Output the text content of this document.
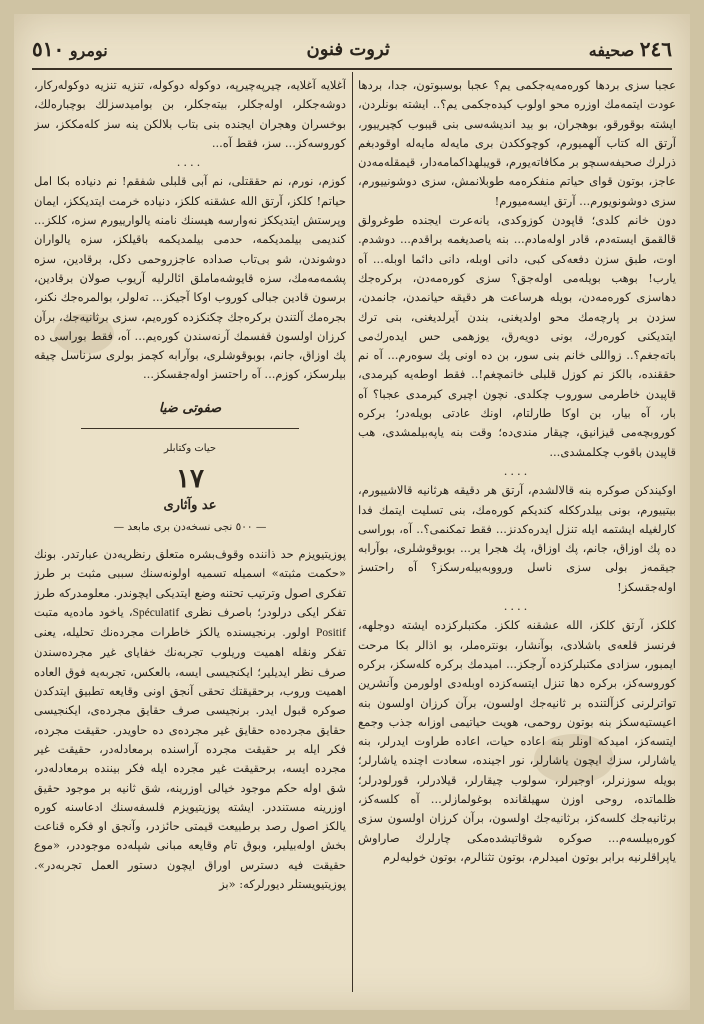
٢٤٦ صحيفه
ثروت فنون
نومرو ٥١٠

عجبا سزى بردها كورەمەيەجكمى يم؟ عجبا بوسبوتون، جدا، بردها عودت ايتمەمك اوزره محو اولوب كيدەجكمى يم؟.. ايشته بونلردن، ايشته بوقورقو، بوهجران، بو بيد انديشەسى بنى قيبوب كچيرييور، آرتق اله كتاب آلهميورم، كوچوككدن برى مايەله مايەله اوقودبغم ذرلرك صحيفەسىچو بر مكافاتەيورم، قويبلهداكمامەدار، قيمقلەمەدن عاجز، بوتون قواى حياتم منفكرەمه طوبلانمش، سزى دوشونييورم، سزى دوشونويورم... آرتق ايسەميورم!

دون خانم كلدى؛ قاپودن كوزوكدى، يانه‌عرت ايجنده طوغرولق قالقمق ايستەدم، قادر اولەمادم... بنه ياصديغمه براقدم... دوشدم. اوت، طبق سزن دفعەكى كبى، دانى اوبله، دانى دائما اوبله... آه يارب! بوهب بويلەمى اولەجق؟ سزى كورەمەدن، بركره‌جك دهاسزى كورەمەدن، بويله هرساعت هر دقيقه حيانمدن، جانمدن، سزدن بر پارچەمك محو اولديغنى، بندن آيرلديغنى، بنى ترك ايتديكنى كورەرك، بونى دويەرق، يوزهمى حس ايدەرك‌مى باتەجغم؟.. زواللى خانم بنى سور، بن ده اونى پك سوەرم... آه نم حققنده، بالكز نم كوزل قلبلى خانمچغم!.. فقط اوطەيه كيرمدى، قاپيدن خاطرمى سوروب چكلدى. نچون اچيرى كيرمدى عجبا؟ آه بار، آه بيار، بن اوكا طارلتام، اونك عادتى بويلەدر؛ بركره كوروبچەمى قيزانيق، چيقار مندى‌ده؛ وقت بنه ياپەبيلمشدى، هب قاپيدن باقوب چكلمشدى...

....

اوكيندكن صوكره بنه قالالشدم، آرتق هر دقيقه هرثانيه قالاشييورم، بيتييورم، بونى بيلدرككله كنديكم كورەمك، بنى تسليت ايتمك فدا كارلغيله ايشتمه ايله تنزل ايدرەكدنز... فقط تمكنمى؟.. آه، بوراسى ده پك اوزاق، جانم، پك اوزاق، پك هجرا ير... بوبوقوشلرى، بوآرابه جيقمەز بولى سزى ناسل ورووبەبيلەرسكز؟ آه راحتسز اولەجقسكز!

....

كلكز، آرتق كلكز، الله عشقنه كلكز. مكتبلركزده ايشته دوجلهه، فرنسز قلعه‌ى باشلادى، بوآنشار، بونترەملر، بو اذالر بكا مرحت ايمبور، سزادى مكتبلركزده آرجكز... اميدمك بركره كلەسكز، بركره كوروسەكز، بركره دها تنزل ايتسەكزدە اوبلەدى اولورمن وآنشرين تواترلرنى كزآلتنده بر ثانيه‌جك اولسون، برآن كرزان اولسون بنه اعيستيه‌سكز بنه بوتون روحمى، هويت حياتيمى اوزاىه جذب وجمع ايتسەكز، اميدكه اونلر بنه اعاده حيات، اعاده طراوت ايدرلر، بنه ياشارلر، سزك ايچون ياشارلر، نور اجيندە، سعادت اچنده ياشارلر؛ بويله سوزنرلر، اوجيرلر، سولوب چيقارلر، قيلادرلر، قورلودرلر؛ ظلماتده، روحى اوزن سهيلقانده بوغولمازلر... آه كلسەكز، برثانيه‌جك كلسەكز، برثانيه‌جك اولسون، برآن كرزان اولسون سزى كورەبيلسەم... صوكره شوقاتيشده‌مكى چارلرك صاراوش ياپراقلرنيه برابر بوتون اميدلرم، بوتون تثنالرم، بوتون خوليەلرم

آغلايه آغلايه، چيرپه‌چيرپه، دوكوله دوكوله، تنزيه تنزيه دوكوله‌ركار، دوشەجكلر، اولەجكلر، بيتەجكلر، بن بوامیدسزلك بوچباره‌لك، بوخسران وهجران ايجنده بنى بتاب بلالكن ينه سز كلەمككز، سز كوروسەكز... سز، فقط آه...

....

كوزم، نورم، نم حققتلى، نم آبى قلبلى شفقم! نم دنياده بكا امل حياتم! كلكز، آرتق الله عشقنه كلكز، دنياده خرمت ايتديككز، ايمان وپرستش ايتديككز نه‌وارسه هيسنك نامنه يالوارييورم سزه، كلكز... كنديمى بيلمديكمه، حدمى بيلمديكمه باقيلكز، سزه يالواران دوشوندن، شو بى‌تاب صداده عاجزروحمى دكل، برقادين، سزه پشمەمەمك، سزه قايوشەماملق ائالرليه آريوب صولان برقادين، برسون قادين جبالى كوروب اوكا آجيكز... تەلولر، بوالمرەجك نكنر، بجرەمك آلتندن بركره‌جك چكنكزده كورەيم، سزى برثانيه‌جك، برآن كرزان اولسون قفسمك آرنەسندن كورەيم... آه، فقط بوراسى ده پك اوزاق، جانم، بوبوقوشلرى، بوآرابه كچمز بولرى سزناسل چيقه بيلرسكز، كوزم... آه راحتسز اولەجقسكز...

صفوتى ضيا
حيات وكتابلر
١٧
عد وآثارى
— ٥٠٠ نجى نسخه‌دن برى مابعد —

پوزيتيويزم حد ذاننده وقوف‌بشره متعلق رنظريه‌دن عبارتدر. بونك «حكمت مثبته» اسميله تسميه اولونەسنك سببى مثبت بر طرز تفكرى اصول وترتيب تحتنه وضع ايتديكى ايچوندر. معلومدركه طرز تفكر ايكى درلودر؛ باصرف نظرى Spéculatif، ياخود مادە‌يه متبت Positif اولور. برنجيسنده يالكز خاطرات مجرده‌نك تحليله، يعنى تفكر ونقله اهميت وريلوب تجربه‌نك خفاياى غير مجرده‌سندن صرف نظر ايديلير؛ ايكنجيسى ايسه، بالعكس، تجربه‌يه فوق العاده اهميت وروب، برحقيقتك تحقى آنجق اونى وقايعه تطبيق ايتدكدن صوكره قبول ايدر. برنجيسى صرف حقايق مجرده‌ى، ايكنجيسى حقايق مجرده‌ده حقايق غير مجرده‌ى ده حاويدر. حقيقت مجرده، فكر ايله بر حقيقت مجرده آراسنده برمعادلەدر، حقيقت غير مجرده ايسه، برحقيقت غير مجرده ايله فكر بيننده برمعادلەدر، شق اوله حكم موجود خيالى اوزرينه، شق ثانيه بر موجود حقيق اوزرينه مستنددر. ايشته پوزيتيويزم فلسفەسنك ادعاسنه كوره يالكز اصول رصد برطبيعت قيمتى حائزدر، وآنجق او فكره قناعت بخش اولەبيلير، وبوق تام وقايعه مبانى شپلەده موجوددر، «موع حقيقت فيه دسترس اوراق ايچون دستور العمل تجربەدر». پوزيتيويستلر ديورلركه: «بز
